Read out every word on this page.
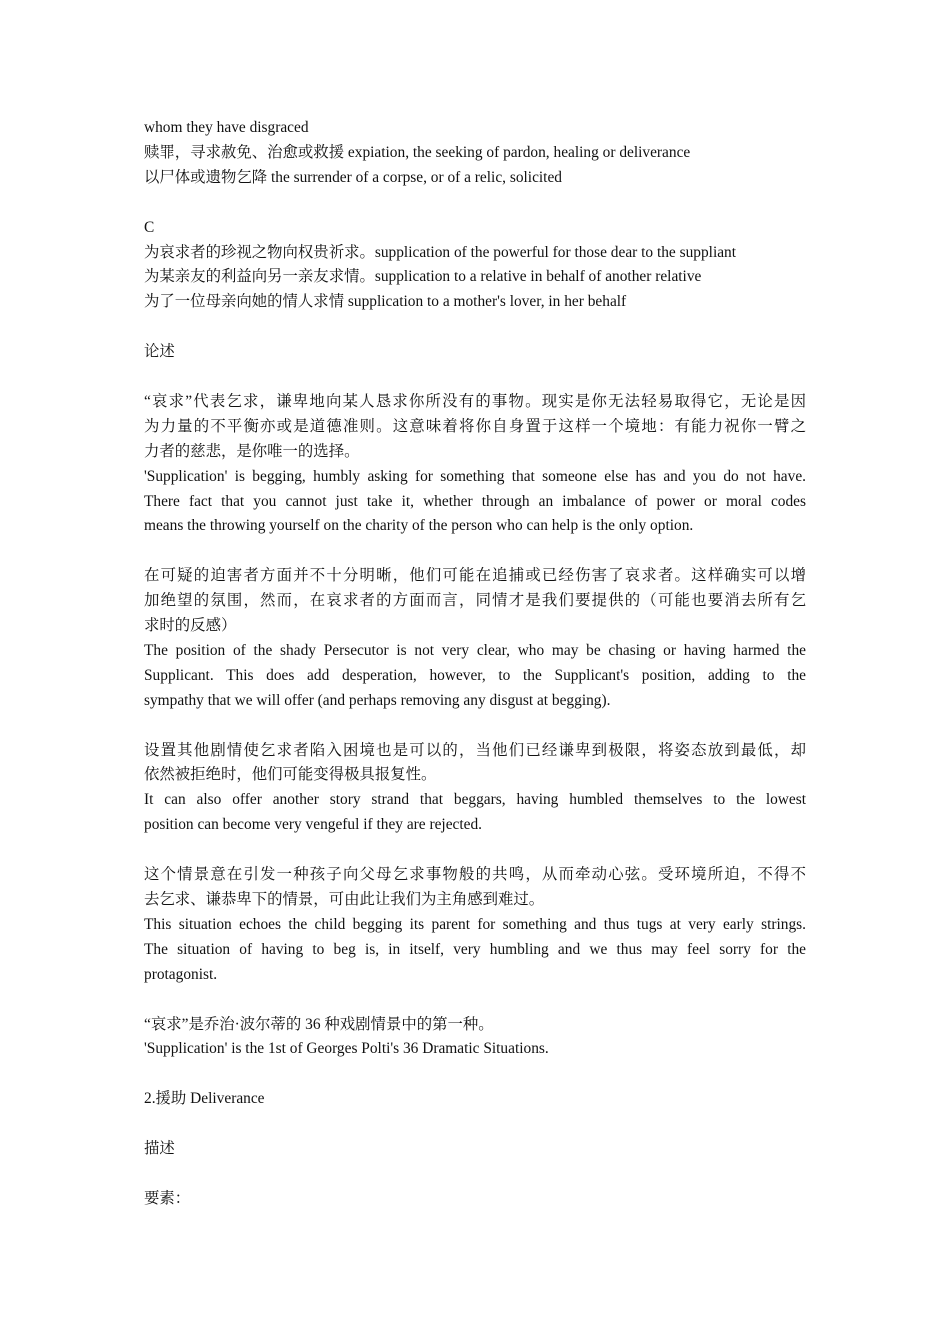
whom they have disgraced
赎罪，寻求赦免、治愈或救援 expiation, the seeking of pardon, healing or deliverance
以尸体或遗物乞降 the surrender of a corpse, or of a relic, solicited
C
为哀求者的珍视之物向权贵祈求。supplication of the powerful for those dear to the suppliant
为某亲友的利益向另一亲友求情。supplication to a relative in behalf of another relative
为了一位母亲向她的情人求情 supplication to a mother's lover, in her behalf
论述
“哀求”代表乞求，谦卑地向某人恳求你所没有的事物。现实是你无法轻易取得它，无论是因
为力量的不平衡亦或是道德准则。这意味着将你自身置于这样一个境地：有能力祝你一臂之
力者的慈悲，是你唯一的选择。
'Supplication' is begging, humbly asking for something that someone else has and you do not have.
There fact that you cannot just take it, whether through an imbalance of power or moral codes
means the throwing yourself on the charity of the person who can help is the only option.
在可疑的迫害者方面并不十分明晰，他们可能在追捕或已经伤害了哀求者。这样确实可以增
加绝望的氛围，然而，在哀求者的方面而言，同情才是我们要提供的（可能也要消去所有乞
求时的反感）
The position of the shady Persecutor is not very clear, who may be chasing or having harmed the
Supplicant. This does add desperation, however, to the Supplicant's position, adding to the
sympathy that we will offer (and perhaps removing any disgust at begging).
设置其他剧情使乞求者陷入困境也是可以的，当他们已经谦卑到极限，将姿态放到最低，却
依然被拒绝时，他们可能变得极具报复性。
It can also offer another story strand that beggars, having humbled themselves to the lowest
position can become very vengeful if they are rejected.
这个情景意在引发一种孩子向父母乞求事物般的共鸣，从而牵动心弦。受环境所迫，不得不
去乞求、谦恭卑下的情景，可由此让我们为主角感到难过。
This situation echoes the child begging its parent for something and thus tugs at very early strings.
The situation of having to beg is, in itself, very humbling and we thus may feel sorry for the
protagonist.
“哀求”是乔治·波尔蒂的 36 种戏剧情景中的第一种。
'Supplication' is the 1st of Georges Polti's 36 Dramatic Situations.
2.援助 Deliverance
描述
要素：
